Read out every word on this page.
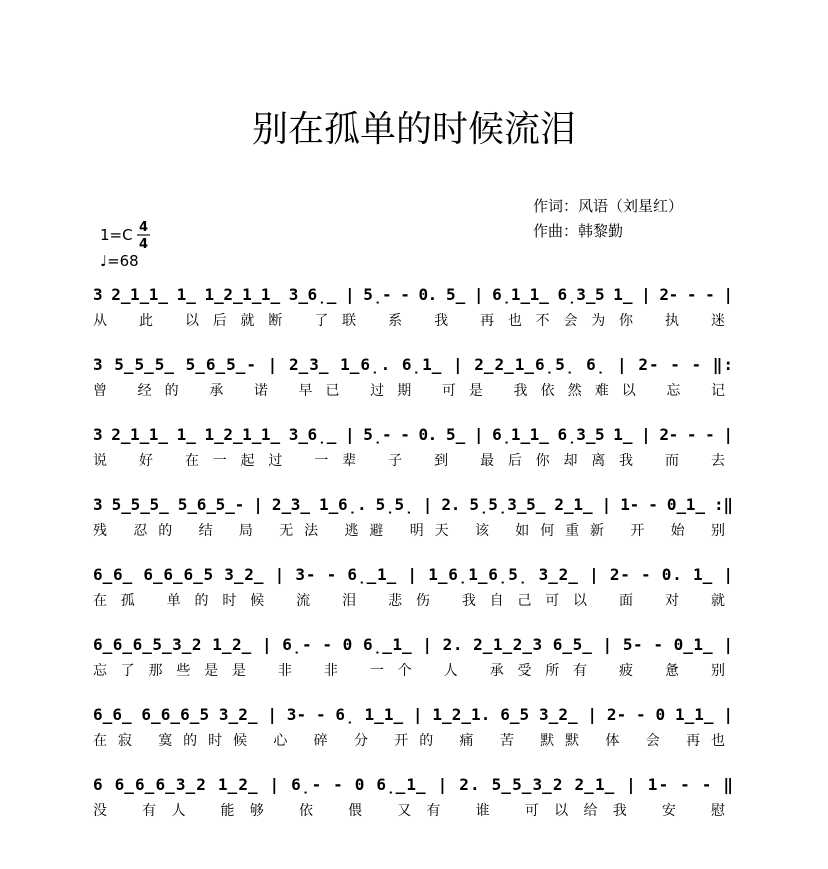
别在孤单的时候流泪
作词：风语（刘星红）
作曲：韩黎勤
1=C 4
4
♩=68
3 2̲1̲1̲ 1̲ 1̲2̲1̲1̲ 3̲6̣̲ | 5̣- - 0. 5̲ | 6̣1̲1̲ 6̣3̲5 1̲ | 2- - - |
从 此 以后就断 了联 系 我 再也不会为你 执 迷
3 5̲5̲5̲ 5̲6̲5̲- | 2̲3̲ 1̲6̣. 6̣1̲ | 2̲2̲1̲6̣5̣ 6̣ | 2- - - ‖:
曾 经的 承 诺 早已 过期 可是 我依然难以 忘 记
3 2̲1̲1̲ 1̲ 1̲2̲1̲1̲ 3̲6̣̲ | 5̣- - 0. 5̲ | 6̣1̲1̲ 6̣3̲5 1̲ | 2- - - |
说 好 在一起过 一辈 子 到 最后你却离我 而 去
3 5̲5̲5̲ 5̲6̲5̲- | 2̲3̲ 1̲6̣. 5̣5̣ | 2. 5̣5̣3̲5̲ 2̲1̲ | 1- - 0̲1̲ :‖
残 忍的 结 局 无法 逃避 明天 该 如何重新 开 始 别
6̲6̲ 6̲6̲6̲5 3̲2̲ | 3- - 6̣̲1̲ | 1̲6̣1̲6̣5̣ 3̲2̲ | 2- - 0. 1̲ |
在孤 单的时候 流 泪 悲伤 我自己可以 面 对 就
6̲6̲6̲5̲3̲2 1̲2̲ | 6̣- - 0 6̣̲1̲ | 2. 2̲1̲2̲3 6̲5̲ | 5- - 0̲1̲ |
忘了那些是是 非 非 一个 人 承受所有 疲 惫 别
6̲6̲ 6̲6̲6̲5 3̲2̲ | 3- - 6̣ 1̲1̲ | 1̲2̲1. 6̲5 3̲2̲ | 2- - 0 1̲1̲ |
在寂 寞的时候 心 碎 分 开的 痛 苦 默默 体 会 再也
6 6̲6̲6̲3̲2 1̲2̲ | 6̣- - 0 6̣̲1̲ | 2. 5̲5̲3̲2 2̲1̲ | 1- - - ‖
没 有人 能够 依 偎 又有 谁 可以给我 安 慰
